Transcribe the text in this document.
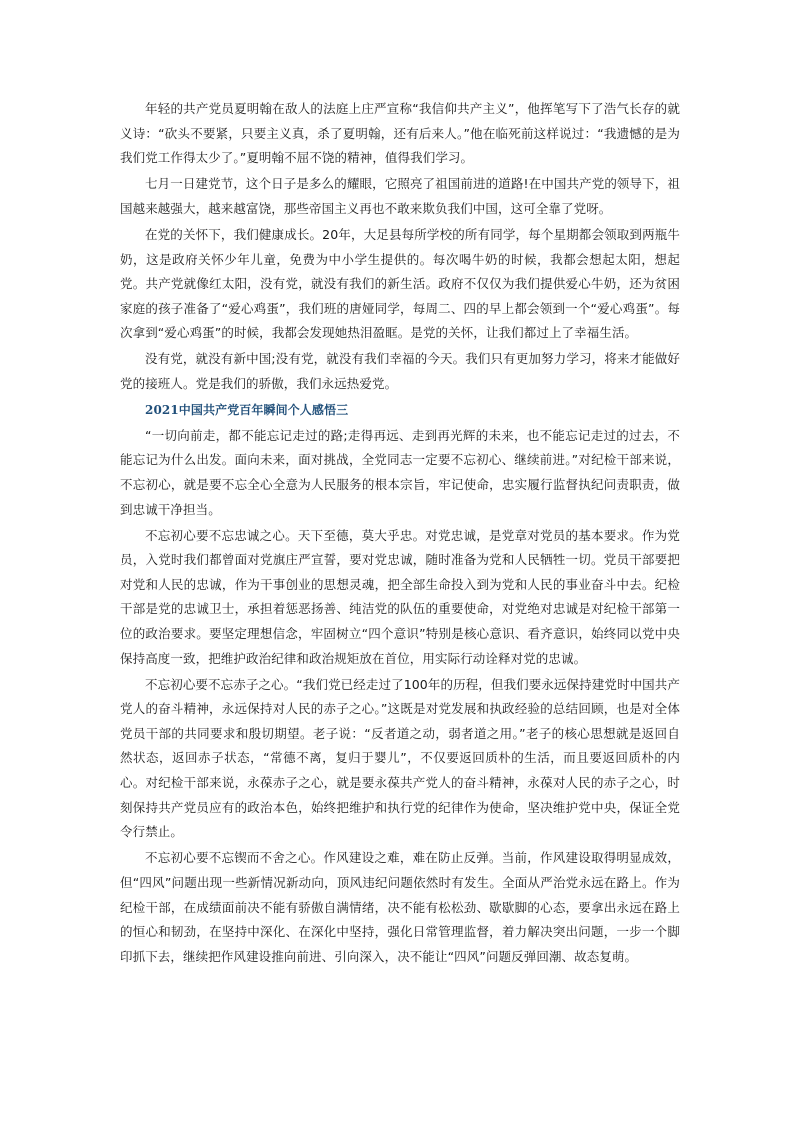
年轻的共产党员夏明翰在敌人的法庭上庄严宣称“我信仰共产主义”，他挥笔写下了浩气长存的就义诗：“砍头不要紧，只要主义真，杀了夏明翰，还有后来人。”他在临死前这样说过：“我遗憾的是为我们党工作得太少了。”夏明翰不屈不饶的精神，值得我们学习。

七月一日建党节，这个日子是多么的耀眼，它照亮了祖国前进的道路!在中国共产党的领导下，祖国越来越强大，越来越富饶，那些帝国主义再也不敢来欺负我们中国，这可全靠了党呀。

在党的关怀下，我们健康成长。20年，大足县每所学校的所有同学，每个星期都会领取到两瓶牛奶，这是政府关怀少年儿童，免费为中小学生提供的。每次喝牛奶的时候，我都会想起太阳，想起党。共产党就像红太阳，没有党，就没有我们的新生活。政府不仅仅为我们提供爱心牛奶，还为贫困家庭的孩子准备了“爱心鸡蛋”，我们班的唐娅同学，每周二、四的早上都会领到一个“爱心鸡蛋”。每次拿到“爱心鸡蛋”的时候，我都会发现她热泪盈眶。是党的关怀，让我们都过上了幸福生活。

没有党，就没有新中国;没有党，就没有我们幸福的今天。我们只有更加努力学习，将来才能做好党的接班人。党是我们的骄傲，我们永远热爱党。

2021中国共产党百年瞬间个人感悟三

“一切向前走，都不能忘记走过的路;走得再远、走到再光辉的未来，也不能忘记走过的过去，不能忘记为什么出发。面向未来，面对挑战，全党同志一定要不忘初心、继续前进。”对纪检干部来说，不忘初心，就是要不忘全心全意为人民服务的根本宗旨，牢记使命，忠实履行监督执纪问责职责，做到忠诚干净担当。

不忘初心要不忘忠诚之心。天下至德，莫大乎忠。对党忠诚，是党章对党员的基本要求。作为党员，入党时我们都曾面对党旗庄严宣誓，要对党忠诚，随时准备为党和人民牺牲一切。党员干部要把对党和人民的忠诚，作为干事创业的思想灵魂，把全部生命投入到为党和人民的事业奋斗中去。纪检干部是党的忠诚卫士，承担着惩恶扬善、纯洁党的队伍的重要使命，对党绝对忠诚是对纪检干部第一位的政治要求。要坚定理想信念，牢固树立“四个意识”特别是核心意识、看齐意识，始终同以党中央保持高度一致，把维护政治纪律和政治规矩放在首位，用实际行动诠释对党的忠诚。

不忘初心要不忘赤子之心。“我们党已经走过了100年的历程，但我们要永远保持建党时中国共产党人的奋斗精神，永远保持对人民的赤子之心。”这既是对党发展和执政经验的总结回顾，也是对全体党员干部的共同要求和殷切期望。老子说：“反者道之动，弱者道之用。”老子的核心思想就是返回自然状态，返回赤子状态，“常德不离，复归于婴儿”，不仅要返回质朴的生活，而且要返回质朴的内心。对纪检干部来说，永葆赤子之心，就是要永葆共产党人的奋斗精神，永葆对人民的赤子之心，时刻保持共产党员应有的政治本色，始终把维护和执行党的纪律作为使命，坚决维护党中央，保证全党令行禁止。

不忘初心要不忘锲而不舍之心。作风建设之难，难在防止反弹。当前，作风建设取得明显成效，但“四风”问题出现一些新情况新动向，顶风违纪问题依然时有发生。全面从严治党永远在路上。作为纪检干部，在成绩面前决不能有骄傲自满情绪，决不能有松松劲、歇歇脚的心态，要拿出永远在路上的恒心和韧劲，在坚持中深化、在深化中坚持，强化日常管理监督，着力解决突出问题，一步一个脚印抓下去，继续把作风建设推向前进、引向深入，决不能让“四风”问题反弹回潮、故态复萌。
